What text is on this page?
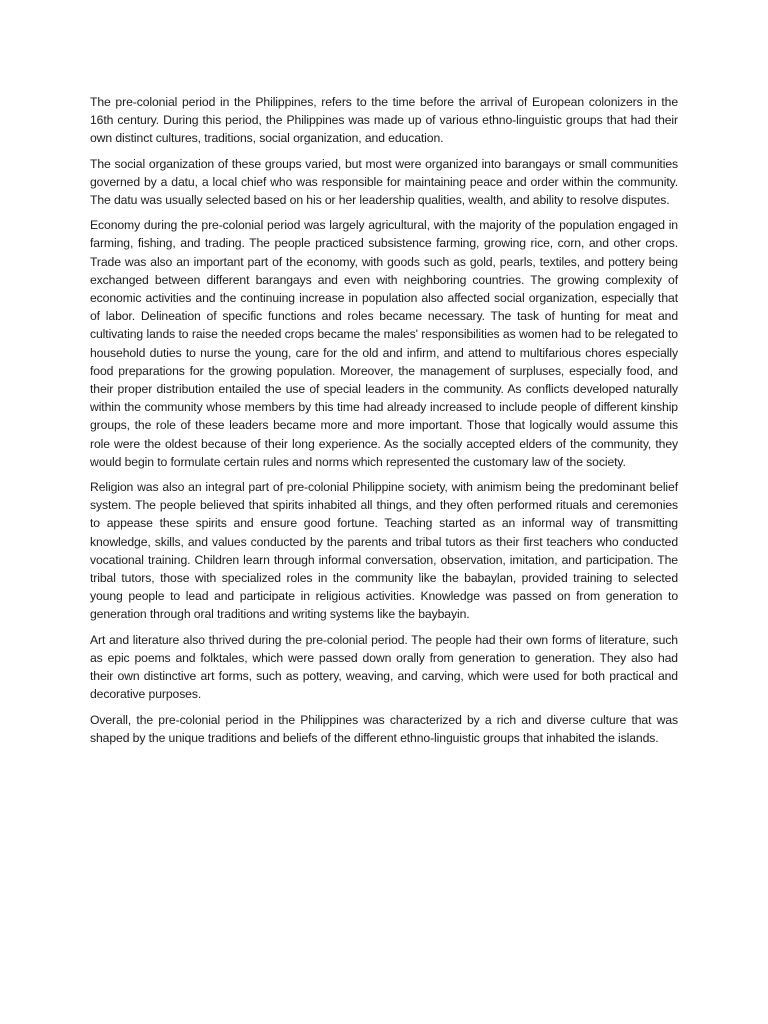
The pre-colonial period in the Philippines, refers to the time before the arrival of European colonizers in the 16th century. During this period, the Philippines was made up of various ethno-linguistic groups that had their own distinct cultures, traditions, social organization, and education.

The social organization of these groups varied, but most were organized into barangays or small communities governed by a datu, a local chief who was responsible for maintaining peace and order within the community. The datu was usually selected based on his or her leadership qualities, wealth, and ability to resolve disputes.

Economy during the pre-colonial period was largely agricultural, with the majority of the population engaged in farming, fishing, and trading. The people practiced subsistence farming, growing rice, corn, and other crops. Trade was also an important part of the economy, with goods such as gold, pearls, textiles, and pottery being exchanged between different barangays and even with neighboring countries. The growing complexity of economic activities and the continuing increase in population also affected social organization, especially that of labor. Delineation of specific functions and roles became necessary. The task of hunting for meat and cultivating lands to raise the needed crops became the males' responsibilities as women had to be relegated to household duties to nurse the young, care for the old and infirm, and attend to multifarious chores especially food preparations for the growing population. Moreover, the management of surpluses, especially food, and their proper distribution entailed the use of special leaders in the community. As conflicts developed naturally within the community whose members by this time had already increased to include people of different kinship groups, the role of these leaders became more and more important. Those that logically would assume this role were the oldest because of their long experience. As the socially accepted elders of the community, they would begin to formulate certain rules and norms which represented the customary law of the society.

Religion was also an integral part of pre-colonial Philippine society, with animism being the predominant belief system. The people believed that spirits inhabited all things, and they often performed rituals and ceremonies to appease these spirits and ensure good fortune. Teaching started as an informal way of transmitting knowledge, skills, and values conducted by the parents and tribal tutors as their first teachers who conducted vocational training. Children learn through informal conversation, observation, imitation, and participation. The tribal tutors, those with specialized roles in the community like the babaylan, provided training to selected young people to lead and participate in religious activities. Knowledge was passed on from generation to generation through oral traditions and writing systems like the baybayin.

Art and literature also thrived during the pre-colonial period. The people had their own forms of literature, such as epic poems and folktales, which were passed down orally from generation to generation. They also had their own distinctive art forms, such as pottery, weaving, and carving, which were used for both practical and decorative purposes.

Overall, the pre-colonial period in the Philippines was characterized by a rich and diverse culture that was shaped by the unique traditions and beliefs of the different ethno-linguistic groups that inhabited the islands.
